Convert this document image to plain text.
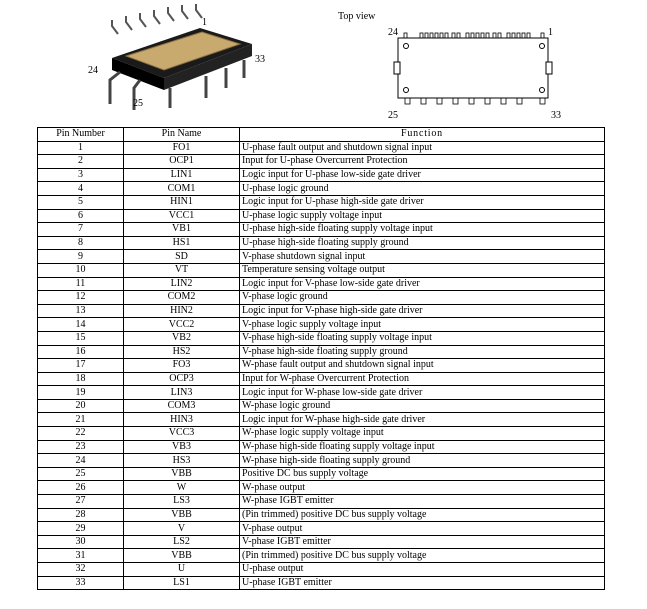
1
24
33
25
Top view
24	1
25	33
Pin Number	Pin Name	Function
1	FO1	U-phase fault output and shutdown signal input
2	OCP1	Input for U-phase Overcurrent Protection
3	LIN1	Logic input for U-phase low-side gate driver
4	COM1	U-phase logic ground
5	HIN1	Logic input for U-phase high-side gate driver
6	VCC1	U-phase logic supply voltage input
7	VB1	U-phase high-side floating supply voltage input
8	HS1	U-phase high-side floating supply ground
9	SD	V-phase shutdown signal input
10	VT	Temperature sensing voltage output
11	LIN2	Logic input for V-phase low-side gate driver
12	COM2	V-phase logic ground
13	HIN2	Logic input for V-phase high-side gate driver
14	VCC2	V-phase logic supply voltage input
15	VB2	V-phase high-side floating supply voltage input
16	HS2	V-phase high-side floating supply ground
17	FO3	W-phase fault output and shutdown signal input
18	OCP3	Input for W-phase Overcurrent Protection
19	LIN3	Logic input for W-phase low-side gate driver
20	COM3	W-phase logic ground
21	HIN3	Logic input for W-phase high-side gate driver
22	VCC3	W-phase logic supply voltage input
23	VB3	W-phase high-side floating supply voltage input
24	HS3	W-phase high-side floating supply ground
25	VBB	Positive DC bus supply voltage
26	W	W-phase output
27	LS3	W-phase IGBT emitter
28	VBB	(Pin trimmed) positive DC bus supply voltage
29	V	V-phase output
30	LS2	V-phase IGBT emitter
31	VBB	(Pin trimmed) positive DC bus supply voltage
32	U	U-phase output
33	LS1	U-phase IGBT emitter
